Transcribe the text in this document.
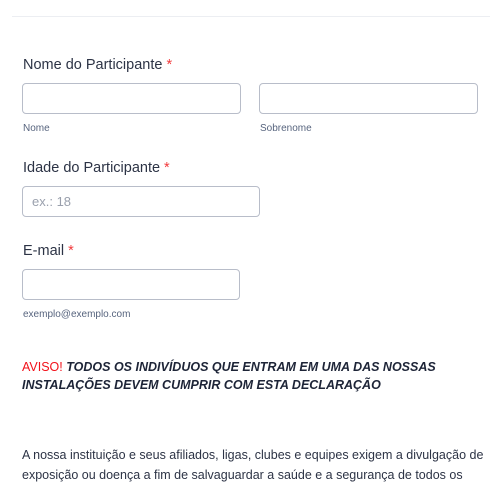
Nome do Participante *
Nome	Sobrenome
Idade do Participante *
ex.: 18
E-mail *
exemplo@exemplo.com
AVISO! TODOS OS INDIVÍDUOS QUE ENTRAM EM UMA DAS NOSSAS INSTALAÇÕES DEVEM CUMPRIR COM ESTA DECLARAÇÃO
A nossa instituição e seus afiliados, ligas, clubes e equipes exigem a divulgação de exposição ou doença a fim de salvaguardar a saúde e a segurança de todos os
